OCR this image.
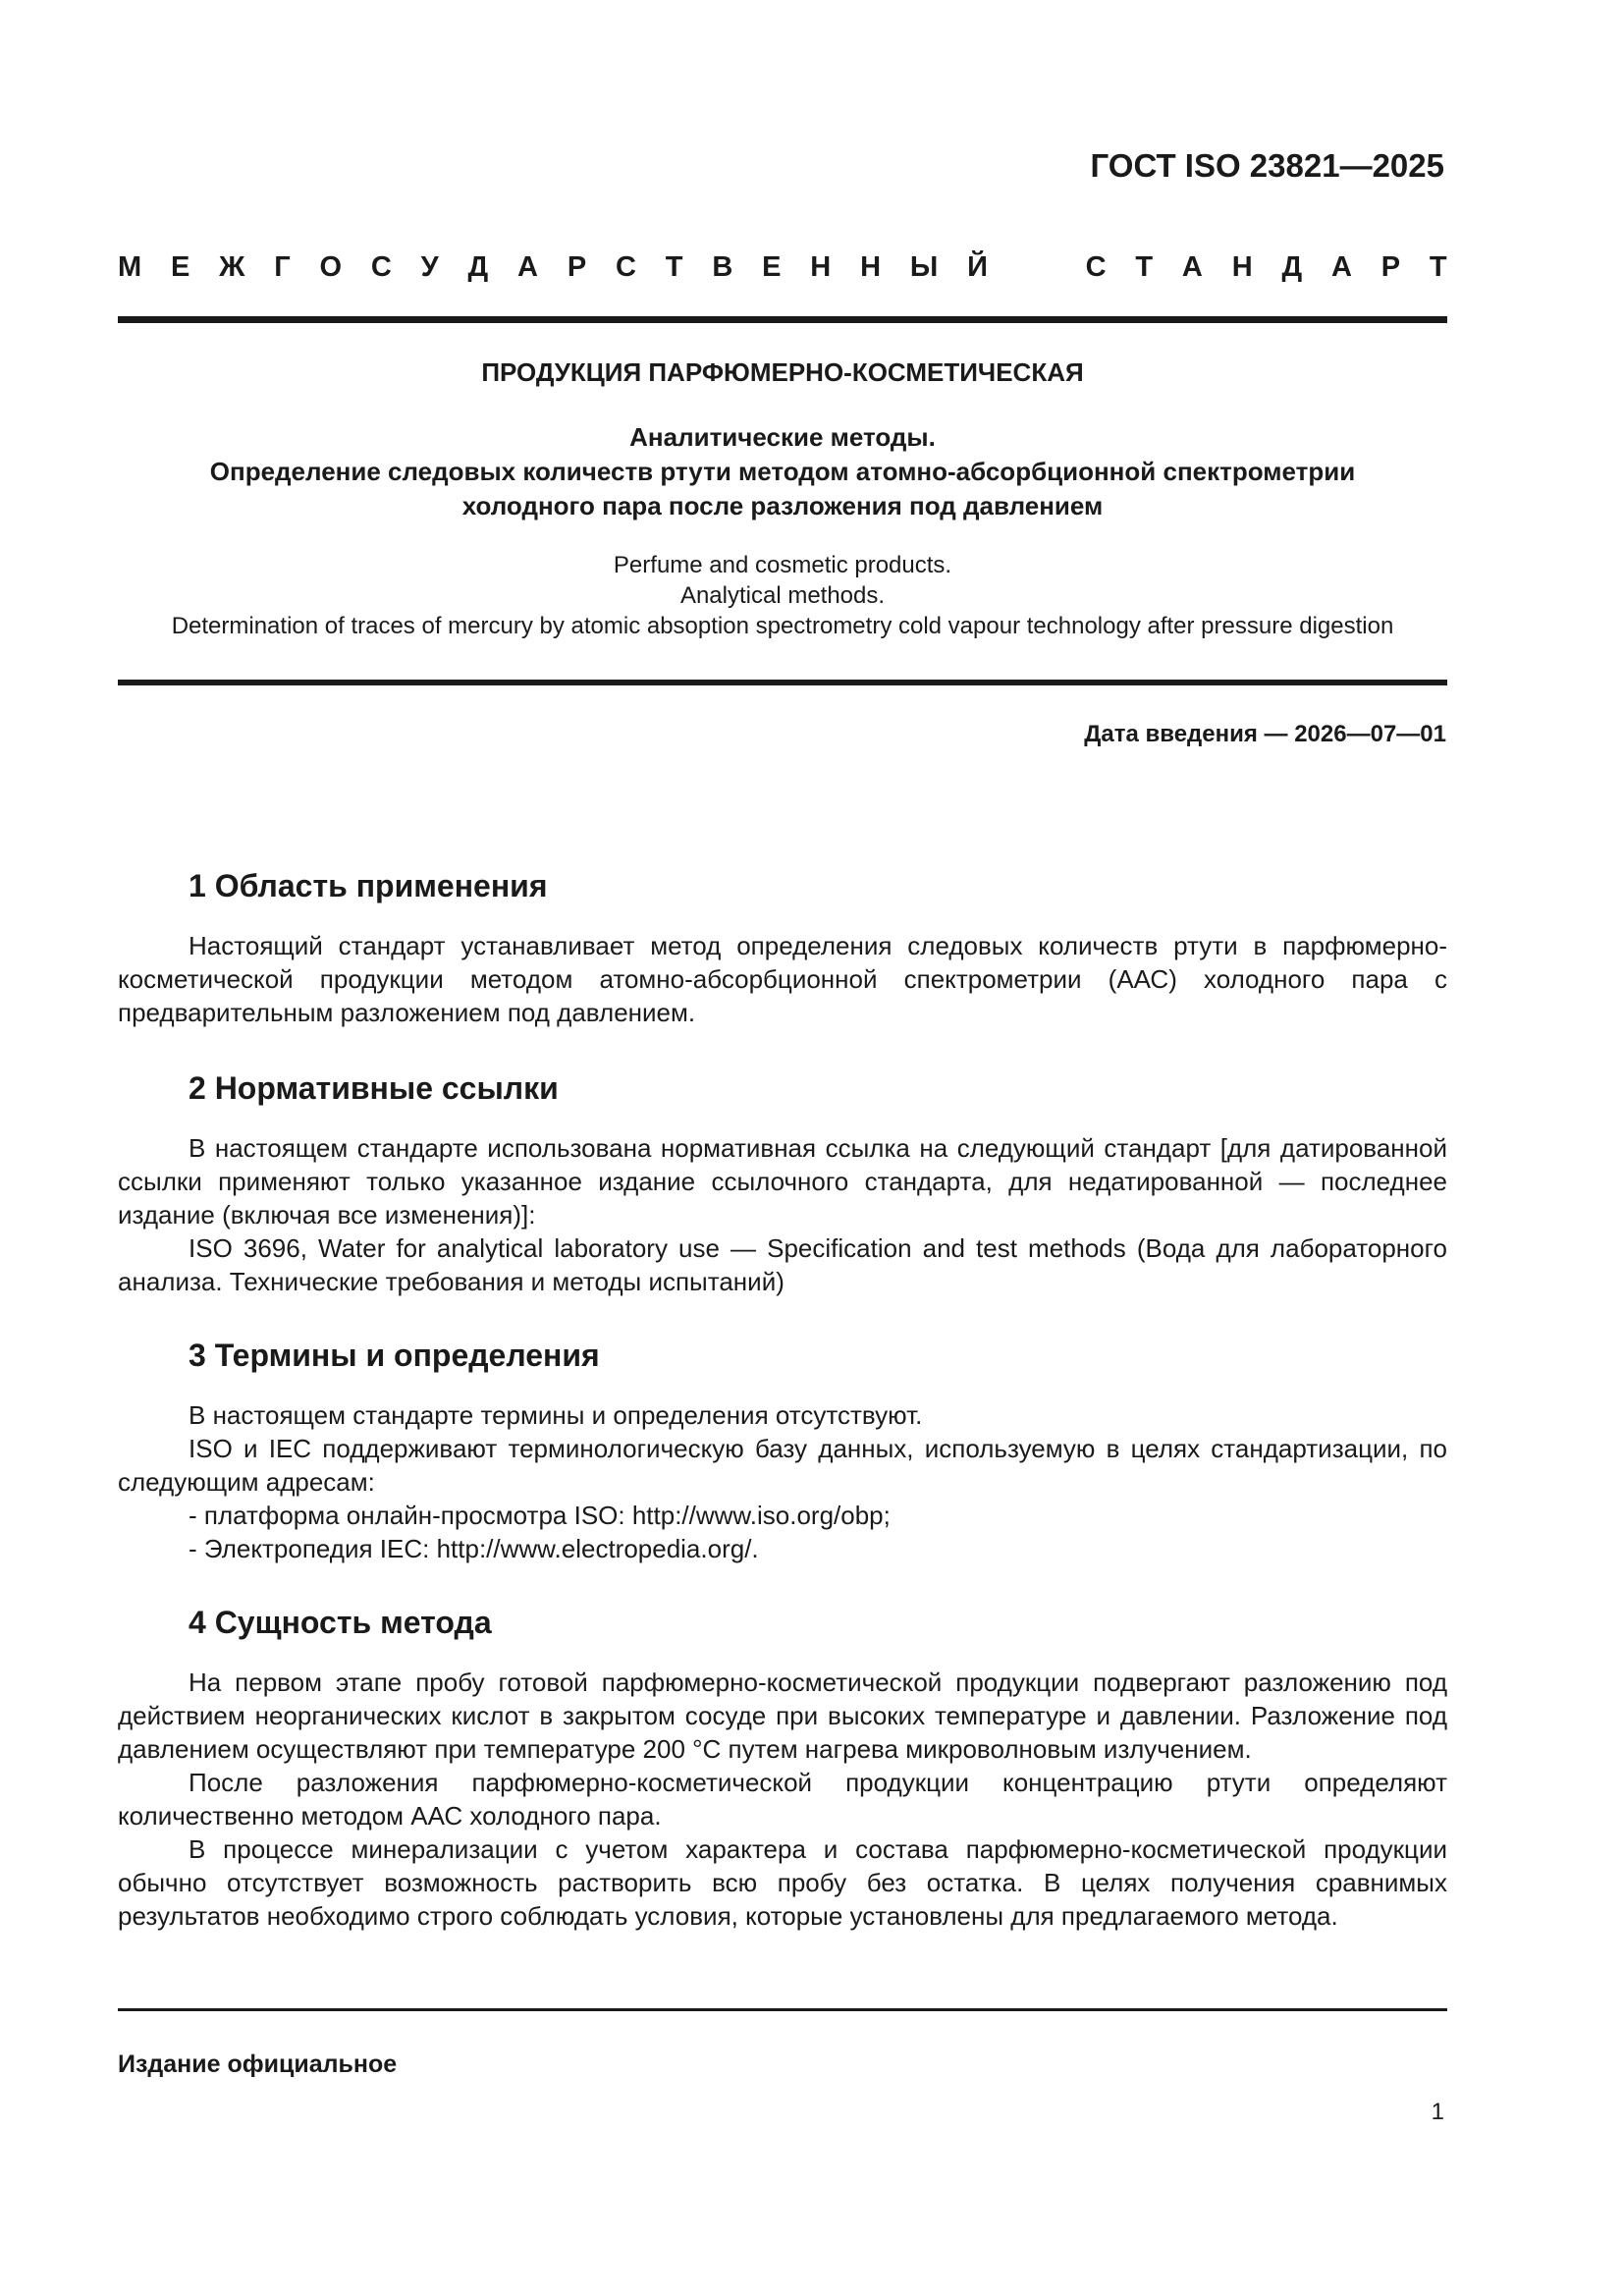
ГОСТ ISO 23821—2025
М Е Ж Г О С У Д А Р С Т В Е Н Н Ы Й	С Т А Н Д А Р Т
ПРОДУКЦИЯ ПАРФЮМЕРНО-КОСМЕТИЧЕСКАЯ
Аналитические методы.
Определение следовых количеств ртути методом атомно-абсорбционной спектрометрии
холодного пара после разложения под давлением
Perfume and cosmetic products.
Analytical methods.
Determination of traces of mercury by atomic absoption spectrometry cold vapour technology after pressure digestion
Дата введения — 2026—07—01
1 Область применения

Настоящий стандарт устанавливает метод определения следовых количеств ртути в парфюмерно-косметической продукции методом атомно-абсорбционной спектрометрии (ААС) холодного пара с предварительным разложением под давлением.

2 Нормативные ссылки

В настоящем стандарте использована нормативная ссылка на следующий стандарт [для датированной ссылки применяют только указанное издание ссылочного стандарта, для недатированной — последнее издание (включая все изменения)]:

ISO 3696, Water for analytical laboratory use — Specification and test methods (Вода для лабораторного анализа. Технические требования и методы испытаний)

3 Термины и определения

В настоящем стандарте термины и определения отсутствуют.

ISO и IEC поддерживают терминологическую базу данных, используемую в целях стандартизации, по следующим адресам:

- платформа онлайн-просмотра ISO: http://www.iso.org/obp;

- Электропедия IEC: http://www.electropedia.org/.

4 Сущность метода

На первом этапе пробу готовой парфюмерно-косметической продукции подвергают разложению под действием неорганических кислот в закрытом сосуде при высоких температуре и давлении. Разложение под давлением осуществляют при температуре 200 °С путем нагрева микроволновым излучением.

После разложения парфюмерно-косметической продукции концентрацию ртути определяют количественно методом ААС холодного пара.

В процессе минерализации с учетом характера и состава парфюмерно-косметической продукции обычно отсутствует возможность растворить всю пробу без остатка. В целях получения сравнимых результатов необходимо строго соблюдать условия, которые установлены для предлагаемого метода.

Издание официальное
1
